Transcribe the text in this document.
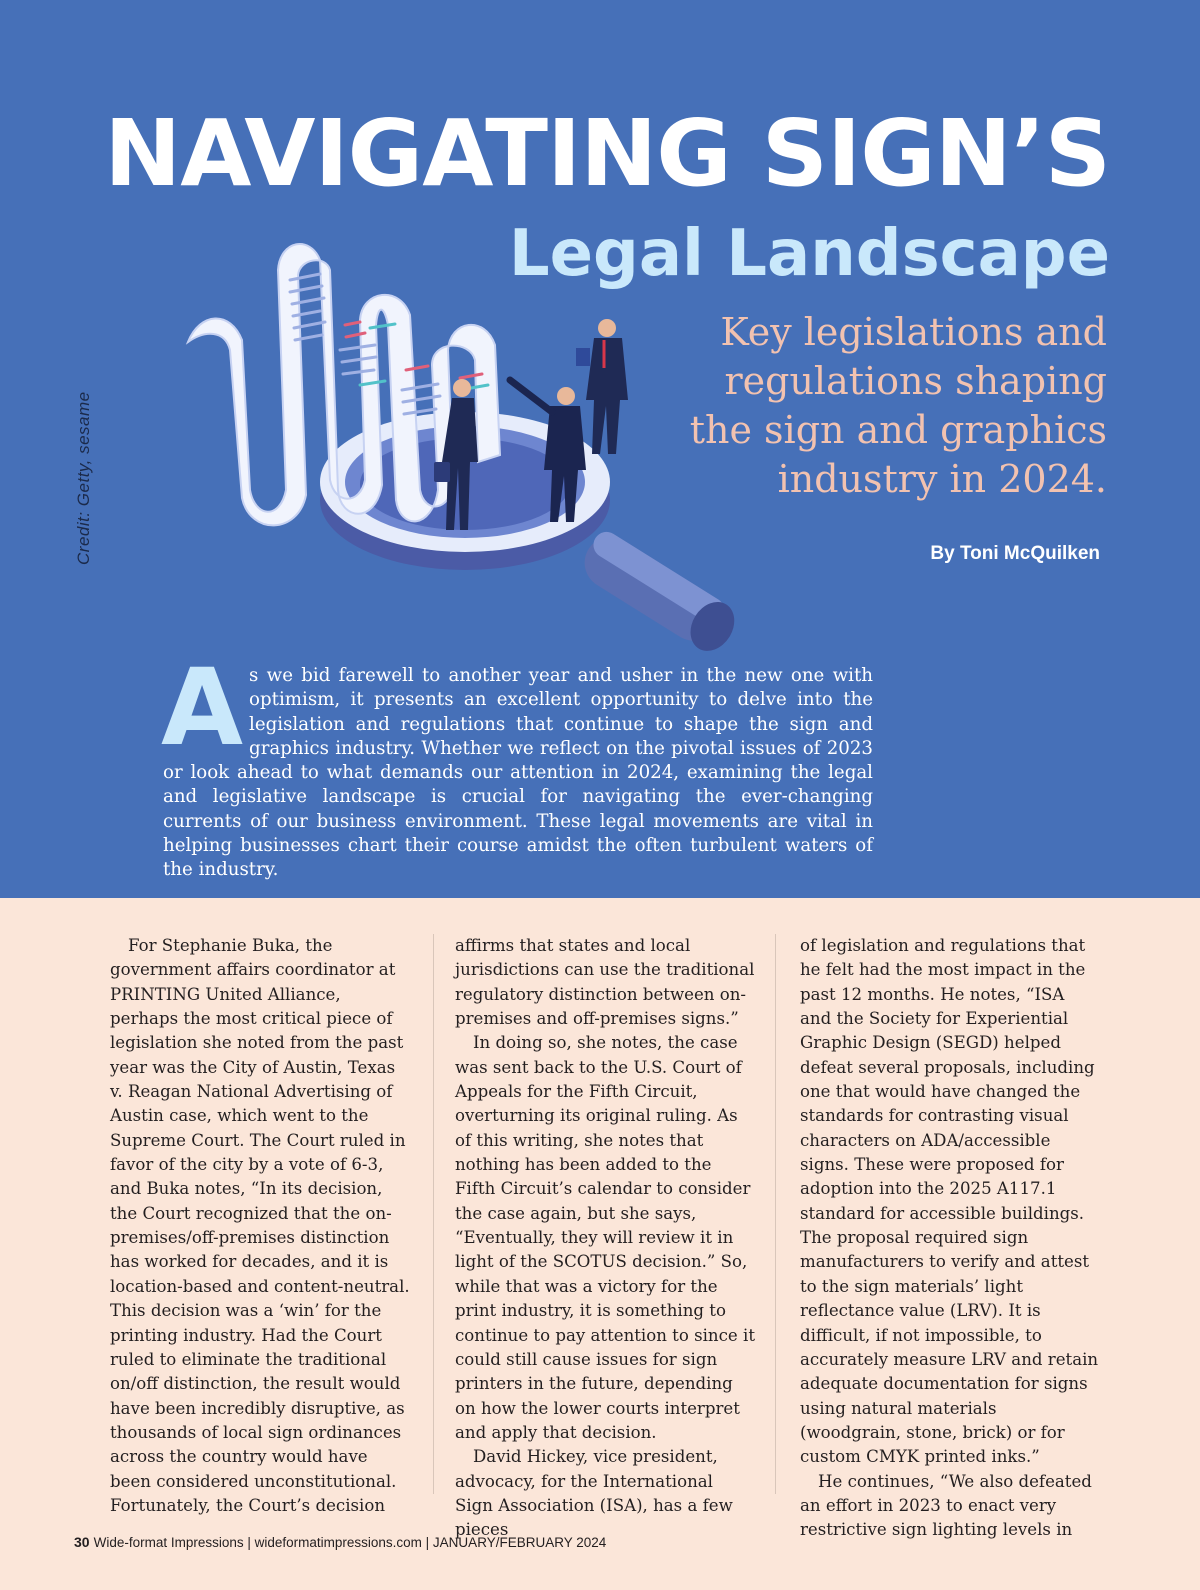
Credit: Getty, sesame
NAVIGATING SIGN’S
Legal Landscape
Key legislations and regulations shaping the sign and graphics industry in 2024.
By Toni McQuilken
As we bid farewell to another year and usher in the new one with optimism, it presents an excellent opportunity to delve into the legislation and regulations that continue to shape the sign and graphics industry. Whether we reflect on the pivotal issues of 2023 or look ahead to what demands our attention in 2024, examining the legal and legislative landscape is crucial for navigating the ever-changing currents of our business environment. These legal movements are vital in helping businesses chart their course amidst the often turbulent waters of the industry.

For Stephanie Buka, the government affairs coordinator at PRINTING United Alliance, perhaps the most critical piece of legislation she noted from the past year was the City of Austin, Texas v. Reagan National Advertising of Austin case, which went to the Supreme Court. The Court ruled in favor of the city by a vote of 6-3, and Buka notes, “In its decision, the Court recognized that the on-premises/off-premises distinction has worked for decades, and it is location-based and content-neutral. This decision was a ‘win’ for the printing industry. Had the Court ruled to eliminate the traditional on/off distinction, the result would have been incredibly disruptive, as thousands of local sign ordinances across the country would have been considered unconstitutional. Fortunately, the Court’s decision

affirms that states and local jurisdictions can use the traditional regulatory distinction between on-premises and off-premises signs.”

In doing so, she notes, the case was sent back to the U.S. Court of Appeals for the Fifth Circuit, overturning its original ruling. As of this writing, she notes that nothing has been added to the Fifth Circuit’s calendar to consider the case again, but she says, “Eventually, they will review it in light of the SCOTUS decision.” So, while that was a victory for the print industry, it is something to continue to pay attention to since it could still cause issues for sign printers in the future, depending on how the lower courts interpret and apply that decision.

David Hickey, vice president, advocacy, for the International Sign Association (ISA), has a few pieces

of legislation and regulations that he felt had the most impact in the past 12 months. He notes, “ISA and the Society for Experiential Graphic Design (SEGD) helped defeat several proposals, including one that would have changed the standards for contrasting visual characters on ADA/accessible signs. These were proposed for adoption into the 2025 A117.1 standard for accessible buildings. The proposal required sign manufacturers to verify and attest to the sign materials’ light reflectance value (LRV). It is difficult, if not impossible, to accurately measure LRV and retain adequate documentation for signs using natural materials (woodgrain, stone, brick) or for custom CMYK printed inks.”

He continues, “We also defeated an effort in 2023 to enact very restrictive sign lighting levels in

30 Wide-format Impressions | wideformatimpressions.com | JANUARY/FEBRUARY 2024
